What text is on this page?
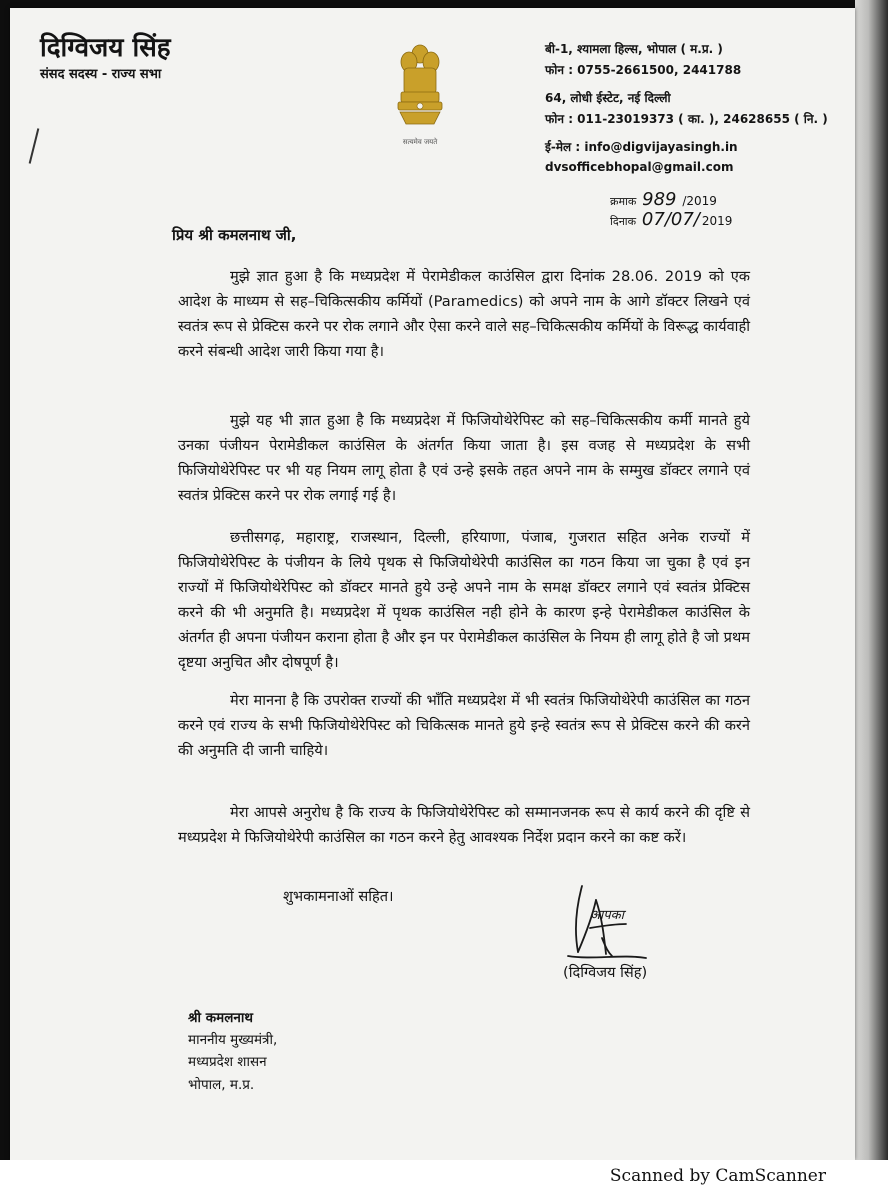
दिग्विजय सिंह
संसद सदस्य - राज्य सभा
सत्यमेव जयते
बी-1, श्यामला हिल्स, भोपाल ( म.प्र. )
फोन : 0755-2661500, 2441788
64, लोधी ईस्टेट, नई दिल्ली
फोन : 011-23019373 ( का. ), 24628655 ( नि. )
ई-मेल : info@digvijayasingh.in
dvsofficebhopal@gmail.com
क्रमाक 989 /2019
दिनाक 07/07/ 2019
प्रिय श्री कमलनाथ जी,
मुझे ज्ञात हुआ है कि मध्यप्रदेश में पेरामेडीकल काउंसिल द्वारा दिनांक 28.06. 2019 को एक आदेश के माध्यम से सह–चिकित्सकीय कर्मियों (Paramedics) को अपने नाम के आगे डॉक्टर लिखने एवं स्वतंत्र रूप से प्रेक्टिस करने पर रोक लगाने और ऐसा करने वाले सह–चिकित्सकीय कर्मियों के विरूद्ध कार्यवाही करने संबन्धी आदेश जारी किया गया है।
मुझे यह भी ज्ञात हुआ है कि मध्यप्रदेश में फिजियोथेरेपिस्ट को सह–चिकित्सकीय कर्मी मानते हुये उनका पंजीयन पेरामेडीकल काउंसिल के अंतर्गत किया जाता है। इस वजह से मध्यप्रदेश के सभी फिजियोथेरेपिस्ट पर भी यह नियम लागू होता है एवं उन्हे इसके तहत अपने नाम के सम्मुख डॉक्टर लगाने एवं स्वतंत्र प्रेक्टिस करने पर रोक लगाई गई है।
छत्तीसगढ़, महाराष्ट्र, राजस्थान, दिल्ली, हरियाणा, पंजाब, गुजरात सहित अनेक राज्यों में फिजियोथेरेपिस्ट के पंजीयन के लिये पृथक से फिजियोथेरेपी काउंसिल का गठन किया जा चुका है एवं इन राज्यों में फिजियोथेरेपिस्ट को डॉक्टर मानते हुये उन्हे अपने नाम के समक्ष डॉक्टर लगाने एवं स्वतंत्र प्रेक्टिस करने की भी अनुमति है। मध्यप्रदेश में पृथक काउंसिल नही होने के कारण इन्हे पेरामेडीकल काउंसिल के अंतर्गत ही अपना पंजीयन कराना होता है और इन पर पेरामेडीकल काउंसिल के नियम ही लागू होते है जो प्रथम दृष्टया अनुचित और दोषपूर्ण है।
मेरा मानना है कि उपरोक्त राज्यों की भाँति मध्यप्रदेश में भी स्वतंत्र फिजियोथेरेपी काउंसिल का गठन करने एवं राज्य के सभी फिजियोथेरेपिस्ट को चिकित्सक मानते हुये इन्हे स्वतंत्र रूप से प्रेक्टिस करने की करने की अनुमति दी जानी चाहिये।
मेरा आपसे अनुरोध है कि राज्य के फिजियोथेरेपिस्ट को सम्मानजनक रूप से कार्य करने की दृष्टि से मध्यप्रदेश मे फिजियोथेरेपी काउंसिल का गठन करने हेतु आवश्यक निर्देश प्रदान करने का कष्ट करें।
शुभकामनाओं सहित।
आपका
(दिग्विजय सिंह)
श्री कमलनाथ
माननीय मुख्यमंत्री,
मध्यप्रदेश शासन
भोपाल, म.प्र.
Scanned by CamScanner
